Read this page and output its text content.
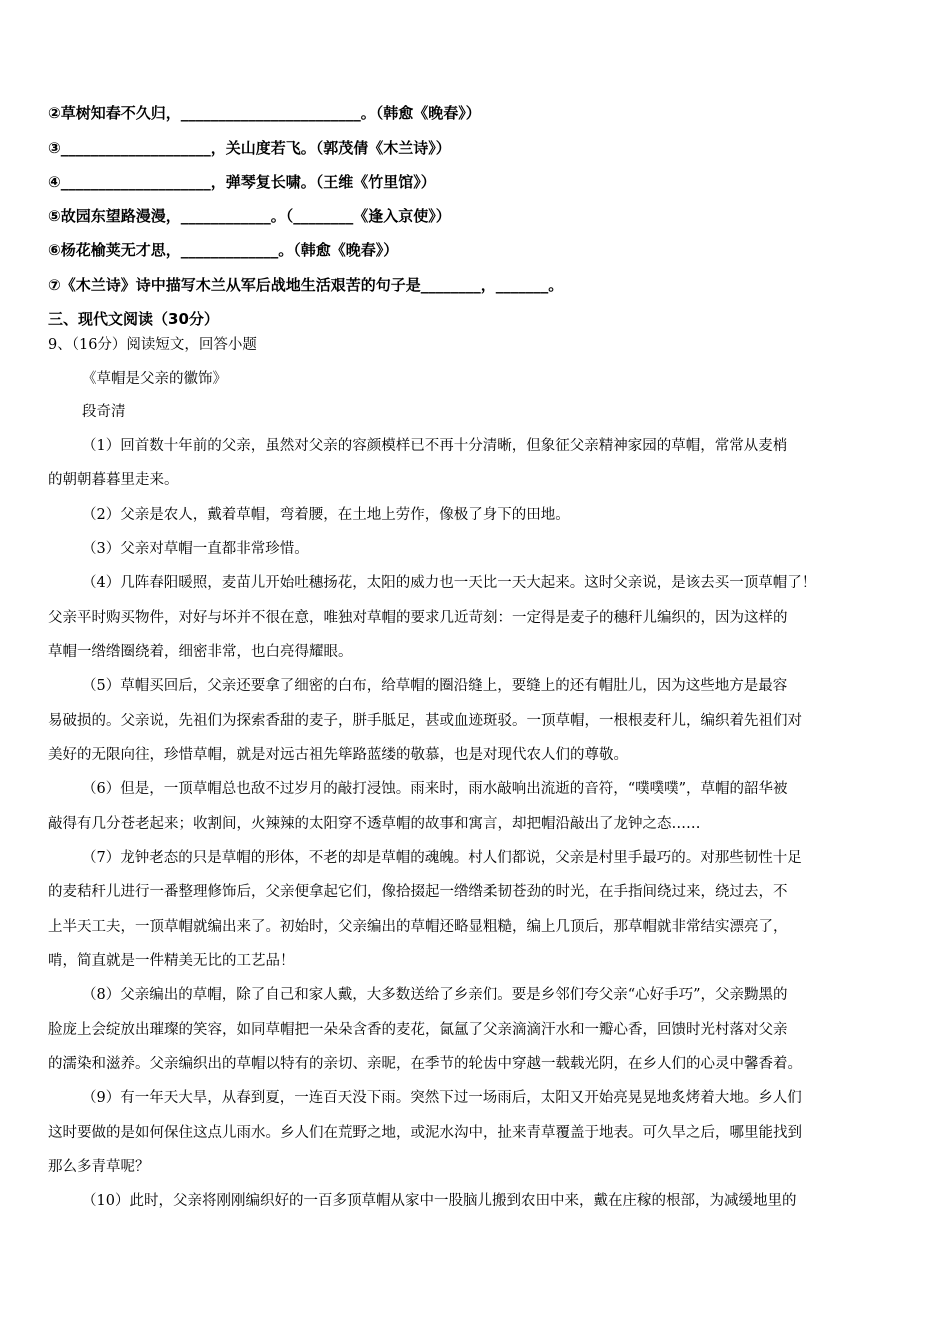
②草树知春不久归，________________________。（韩愈《晚春》）
③____________________，关山度若飞。（郭茂倩《木兰诗》）
④____________________，弹琴复长啸。（王维《竹里馆》）
⑤故园东望路漫漫，____________。（________《逢入京使》）
⑥杨花榆荚无才思，_____________。（韩愈《晚春》）
⑦《木兰诗》诗中描写木兰从军后战地生活艰苦的句子是________，_______。
三、现代文阅读（30分）
9、（16分）阅读短文，回答小题
《草帽是父亲的徽饰》
段奇清
（1）回首数十年前的父亲，虽然对父亲的容颜模样已不再十分清晰，但象征父亲精神家园的草帽，常常从麦梢
的朝朝暮暮里走来。
（2）父亲是农人，戴着草帽，弯着腰，在土地上劳作，像极了身下的田地。
（3）父亲对草帽一直都非常珍惜。
（4）几阵春阳暖照，麦苗儿开始吐穗扬花，太阳的威力也一天比一天大起来。这时父亲说，是该去买一顶草帽了！
父亲平时购买物件，对好与坏并不很在意，唯独对草帽的要求几近苛刻：一定得是麦子的穗秆儿编织的，因为这样的
草帽一绺绺圈绕着，细密非常，也白亮得耀眼。
（5）草帽买回后，父亲还要拿了细密的白布，给草帽的圈沿缝上，要缝上的还有帽肚儿，因为这些地方是最容
易破损的。父亲说，先祖们为探索香甜的麦子，胼手胝足，甚或血迹斑驳。一顶草帽，一根根麦秆儿，编织着先祖们对
美好的无限向往，珍惜草帽，就是对远古祖先筚路蓝缕的敬慕，也是对现代农人们的尊敬。
（6）但是，一顶草帽总也敌不过岁月的敲打浸蚀。雨来时，雨水敲响出流逝的音符，“噗噗噗”，草帽的韶华被
敲得有几分苍老起来；收割间，火辣辣的太阳穿不透草帽的故事和寓言，却把帽沿敲出了龙钟之态……
（7）龙钟老态的只是草帽的形体，不老的却是草帽的魂魄。村人们都说，父亲是村里手最巧的。对那些韧性十足
的麦秸秆儿进行一番整理修饰后，父亲便拿起它们，像拾掇起一绺绺柔韧苍劲的时光，在手指间绕过来，绕过去，不
上半天工夫，一顶草帽就编出来了。初始时，父亲编出的草帽还略显粗糙，编上几顶后，那草帽就非常结实漂亮了，
啃，简直就是一件精美无比的工艺品！
（8）父亲编出的草帽，除了自己和家人戴，大多数送给了乡亲们。要是乡邻们夸父亲“心好手巧”，父亲黝黑的
脸庞上会绽放出璀璨的笑容，如同草帽把一朵朵含香的麦花，氤氲了父亲滴滴汗水和一瓣心香，回馈时光村落对父亲
的濡染和滋养。父亲编织出的草帽以特有的亲切、亲昵，在季节的轮齿中穿越一载载光阴，在乡人们的心灵中馨香着。
（9）有一年天大旱，从春到夏，一连百天没下雨。突然下过一场雨后，太阳又开始亮晃晃地炙烤着大地。乡人们
这时要做的是如何保住这点儿雨水。乡人们在荒野之地，或泥水沟中，扯来青草覆盖于地表。可久旱之后，哪里能找到
那么多青草呢？
（10）此时，父亲将刚刚编织好的一百多顶草帽从家中一股脑儿搬到农田中来，戴在庄稼的根部，为减缓地里的
